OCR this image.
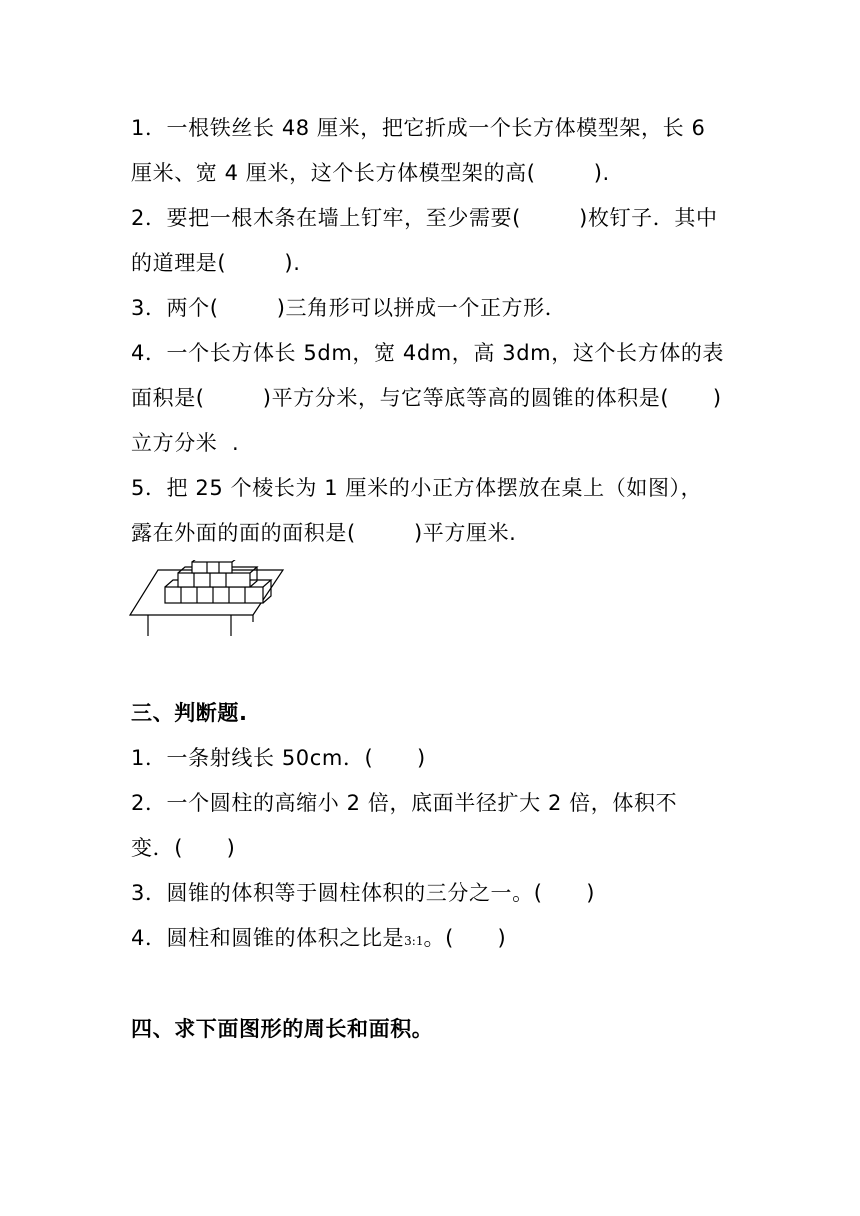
1．一根铁丝长 48 厘米，把它折成一个长方体模型架，长 6
厘米、宽 4 厘米，这个长方体模型架的高(        ).
2．要把一根木条在墙上钉牢，至少需要(        )枚钉子．其中
的道理是(        ).
3．两个(        )三角形可以拼成一个正方形．
4．一个长方体长 5dm，宽 4dm，高 3dm，这个长方体的表
面积是(        )平方分米，与它等底等高的圆锥的体积是(      )
立方分米  .
5．把 25 个棱长为 1 厘米的小正方体摆放在桌上（如图），
露在外面的面的面积是(        )平方厘米.
三、判断题.
1．一条射线长 50cm．(      )
2．一个圆柱的高缩小 2 倍，底面半径扩大 2 倍，体积不
变．(      )
3．圆锥的体积等于圆柱体积的三分之一。(      )
4．圆柱和圆锥的体积之比是3:1。(      )
四、求下面图形的周长和面积。
